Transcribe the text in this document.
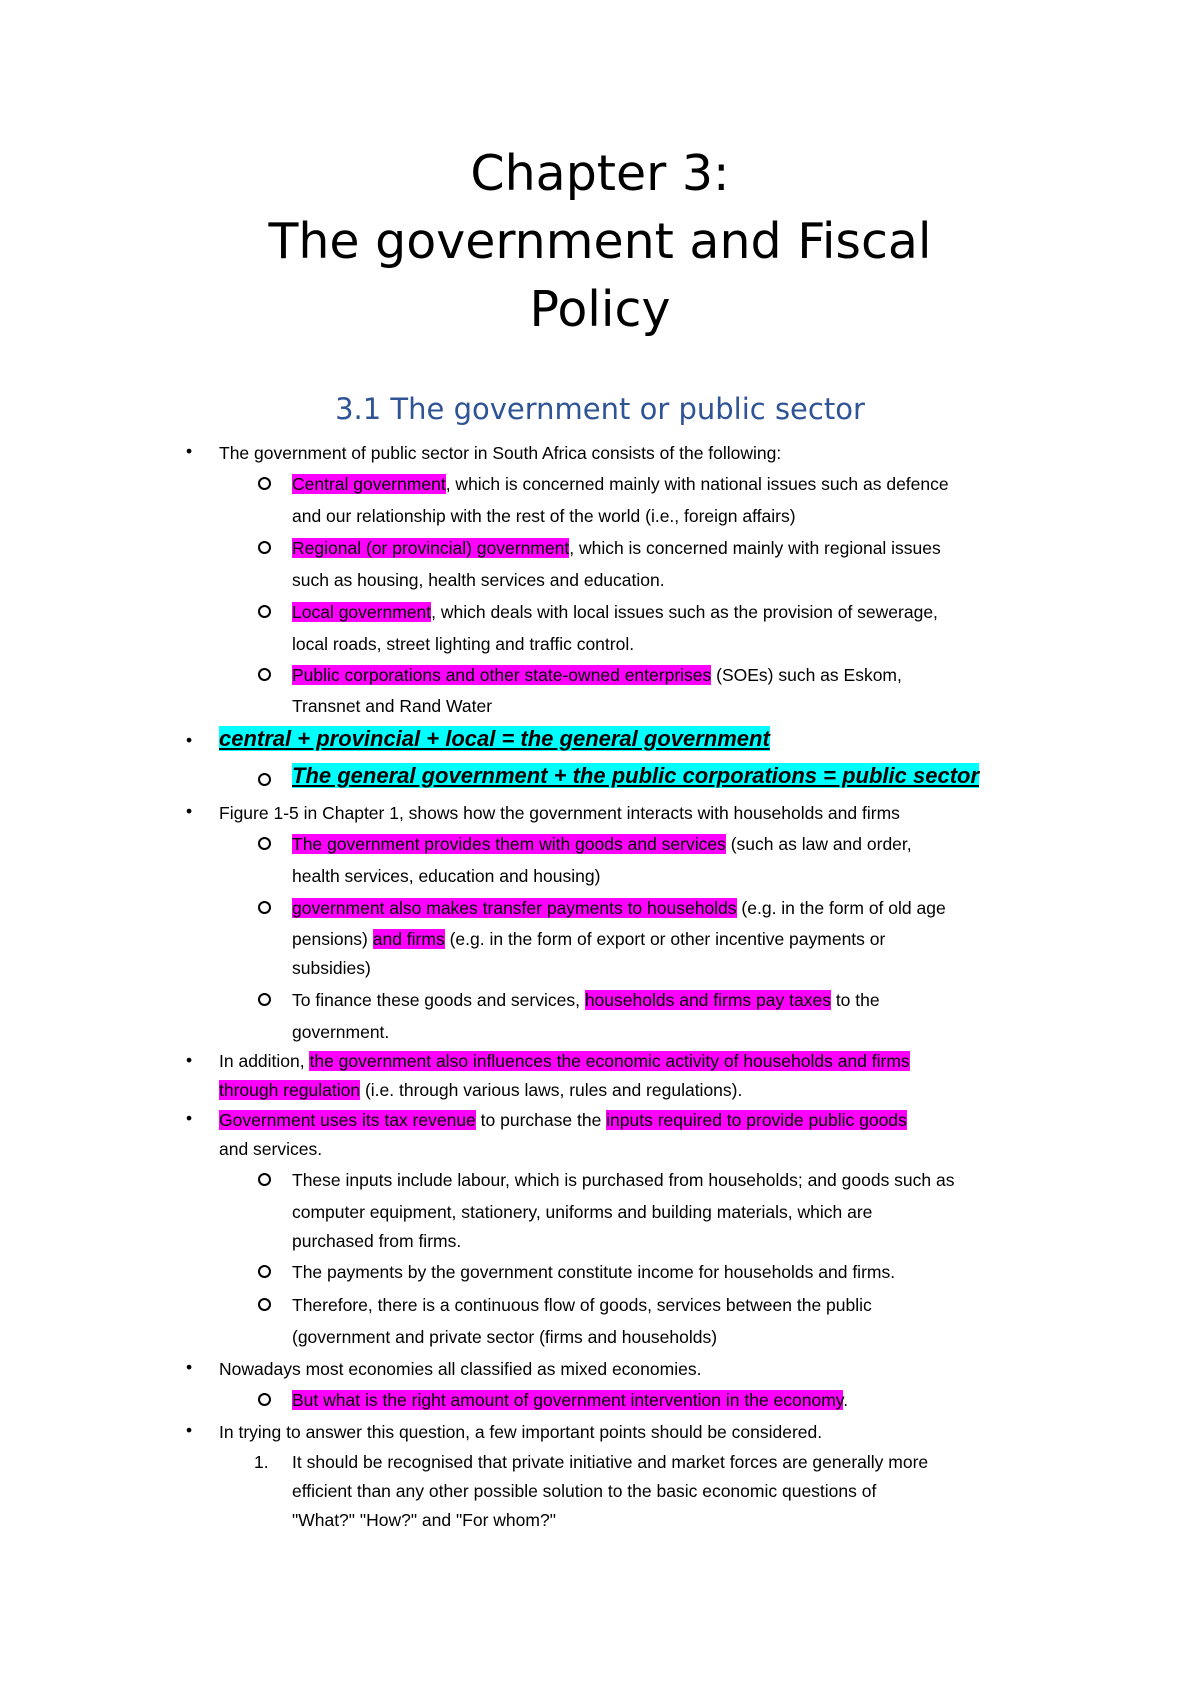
Chapter 3:
The government and Fiscal
Policy
3.1 The government or public sector
• The government of public sector in South Africa consists of the following:
Central government, which is concerned mainly with national issues such as defence
and our relationship with the rest of the world (i.e., foreign affairs)
Regional (or provincial) government, which is concerned mainly with regional issues
such as housing, health services and education.
Local government, which deals with local issues such as the provision of sewerage,
local roads, street lighting and traffic control.
Public corporations and other state-owned enterprises (SOEs) such as Eskom,
Transnet and Rand Water
• central + provincial + local = the general government
The general government + the public corporations = public sector
• Figure 1-5 in Chapter 1, shows how the government interacts with households and firms
The government provides them with goods and services (such as law and order,
health services, education and housing)
government also makes transfer payments to households (e.g. in the form of old age
pensions) and firms (e.g. in the form of export or other incentive payments or
subsidies)
To finance these goods and services, households and firms pay taxes to the
government.
• In addition, the government also influences the economic activity of households and firms
through regulation (i.e. through various laws, rules and regulations).
• Government uses its tax revenue to purchase the inputs required to provide public goods
and services.
These inputs include labour, which is purchased from households; and goods such as
computer equipment, stationery, uniforms and building materials, which are
purchased from firms.
The payments by the government constitute income for households and firms.
Therefore, there is a continuous flow of goods, services between the public
(government and private sector (firms and households)
• Nowadays most economies all classified as mixed economies.
But what is the right amount of government intervention in the economy.
• In trying to answer this question, a few important points should be considered.
1. It should be recognised that private initiative and market forces are generally more
efficient than any other possible solution to the basic economic questions of
"What?" "How?" and "For whom?"
